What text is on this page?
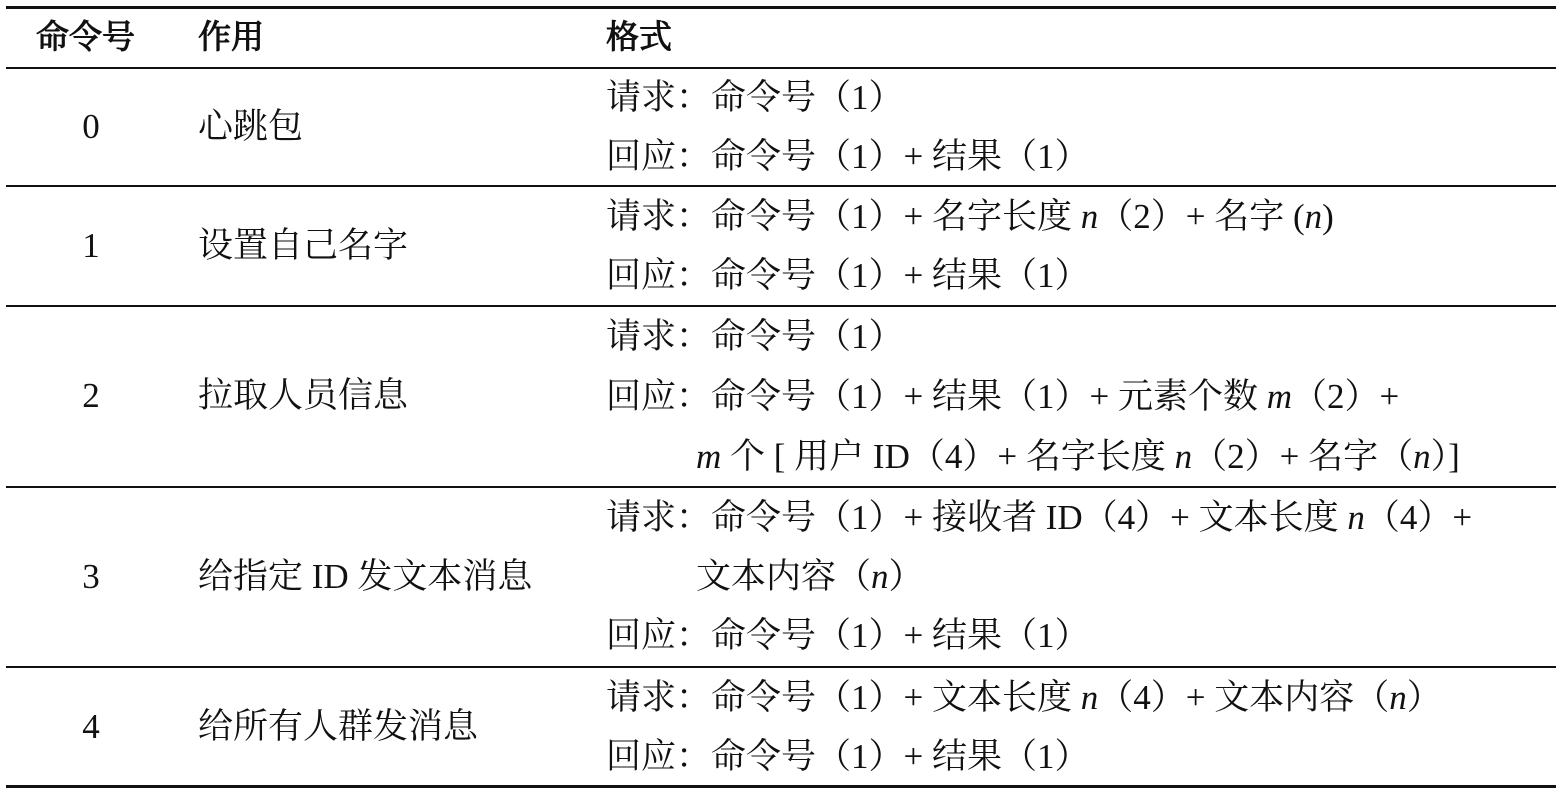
命令号 作用	格式
0	心跳包
请求：命令号（1）
回应：命令号（1）+ 结果（1）
1	设置自己名字
请求：命令号（1）+ 名字长度 n（2）+ 名字 (n)
回应：命令号（1）+ 结果（1）
2	拉取人员信息
请求：命令号（1）
回应：命令号（1）+ 结果（1）+ 元素个数 m（2）+
m 个 [ 用户 ID（4）+ 名字长度 n（2）+ 名字（n）]
3	给指定 ID 发文本消息
请求：命令号（1）+ 接收者 ID（4）+ 文本长度 n（4）+
文本内容（n）
回应：命令号（1）+ 结果（1）
4	给所有人群发消息
请求：命令号（1）+ 文本长度 n（4）+ 文本内容（n）
回应：命令号（1）+ 结果（1）
